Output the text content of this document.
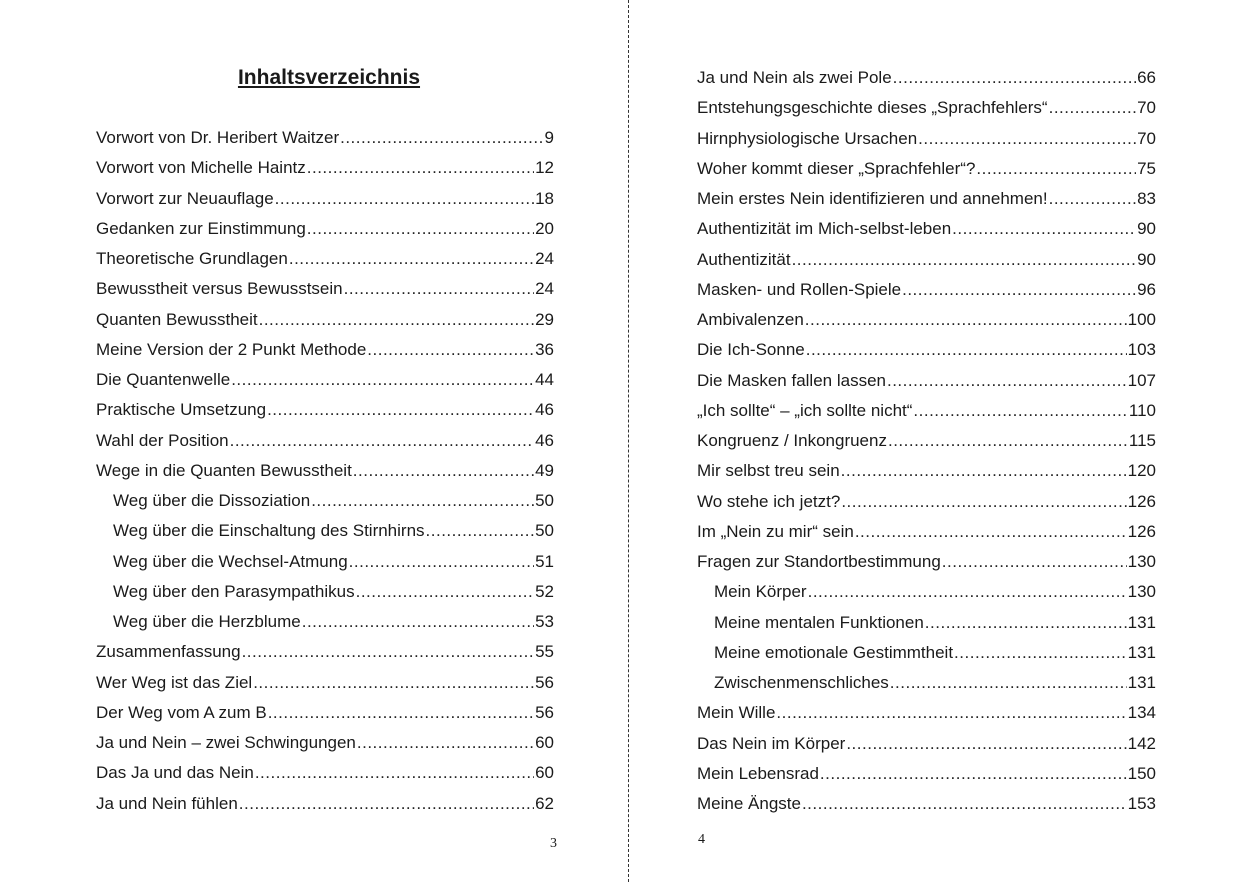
Inhaltsverzeichnis
Vorwort von Dr. Heribert Waitzer .....	9
Vorwort von Michelle Haintz .....	12
Vorwort zur Neuauflage .....	18
Gedanken zur Einstimmung .....	20
Theoretische Grundlagen .....	24
Bewusstheit versus Bewusstsein .....	24
Quanten Bewusstheit .....	29
Meine Version der 2 Punkt Methode .....	36
Die Quantenwelle .....	44
Praktische Umsetzung .....	46
Wahl der Position .....	46
Wege in die Quanten Bewusstheit .....	49
Weg über die Dissoziation .....	50
Weg über die Einschaltung des Stirnhirns .....	50
Weg über die Wechsel-Atmung .....	51
Weg über den Parasympathikus .....	52
Weg über die Herzblume .....	53
Zusammenfassung .....	55
Wer Weg ist das Ziel .....	56
Der Weg vom A zum B .....	56
Ja und Nein – zwei Schwingungen .....	60
Das Ja und das Nein .....	60
Ja und Nein fühlen .....	62
3
Ja und Nein als zwei Pole .....	66
Entstehungsgeschichte dieses „Sprachfehlers“ .....	70
Hirnphysiologische Ursachen .....	70
Woher kommt dieser „Sprachfehler“? .....	75
Mein erstes Nein identifizieren und annehmen! .....	83
Authentizität im Mich-selbst-leben .....	90
Authentizität .....	90
Masken- und Rollen-Spiele .....	96
Ambivalenzen .....	100
Die Ich-Sonne .....	103
Die Masken fallen lassen .....	107
„Ich sollte“ – „ich sollte nicht“ .....	110
Kongruenz / Inkongruenz .....	115
Mir selbst treu sein .....	120
Wo stehe ich jetzt? .....	126
Im „Nein zu mir“ sein .....	126
Fragen zur Standortbestimmung .....	130
Mein Körper .....	130
Meine mentalen Funktionen .....	131
Meine emotionale Gestimmtheit .....	131
Zwischenmenschliches .....	131
Mein Wille .....	134
Das Nein im Körper .....	142
Mein Lebensrad .....	150
Meine Ängste .....	153
4
